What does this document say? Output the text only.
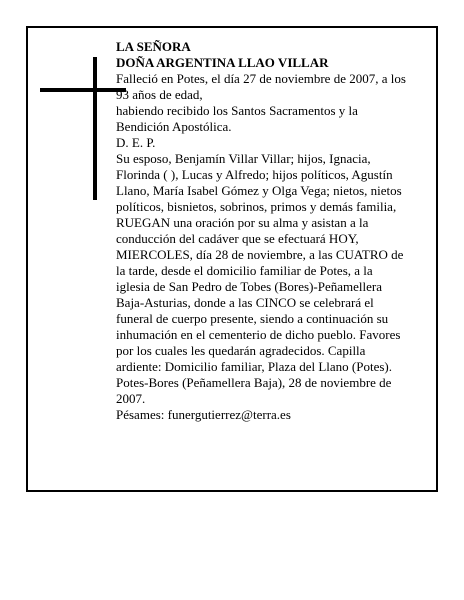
LA SEÑORA

DOÑA ARGENTINA LLAO VILLAR

Falleció en Potes, el día 27 de noviembre de 2007, a los

93 años de edad,

habiendo recibido los Santos Sacramentos y la

Bendición Apostólica.

D. E. P.

Su esposo, Benjamín Villar Villar; hijos, Ignacia,

Florinda ( ), Lucas y Alfredo; hijos políticos, Agustín

Llano, María Isabel Gómez y Olga Vega; nietos, nietos

políticos, bisnietos, sobrinos, primos y demás familia,

RUEGAN una oración por su alma y asistan a la

conducción del cadáver que se efectuará HOY,

MIERCOLES, día 28 de noviembre, a las CUATRO de

la tarde, desde el domicilio familiar de Potes, a la

iglesia de San Pedro de Tobes (Bores)-Peñamellera

Baja-Asturias, donde a las CINCO se celebrará el

funeral de cuerpo presente, siendo a continuación su

inhumación en el cementerio de dicho pueblo. Favores

por los cuales les quedarán agradecidos. Capilla

ardiente: Domicilio familiar, Plaza del Llano (Potes).

Potes-Bores (Peñamellera Baja), 28 de noviembre de

2007.

Pésames: funergutierrez@terra.es
